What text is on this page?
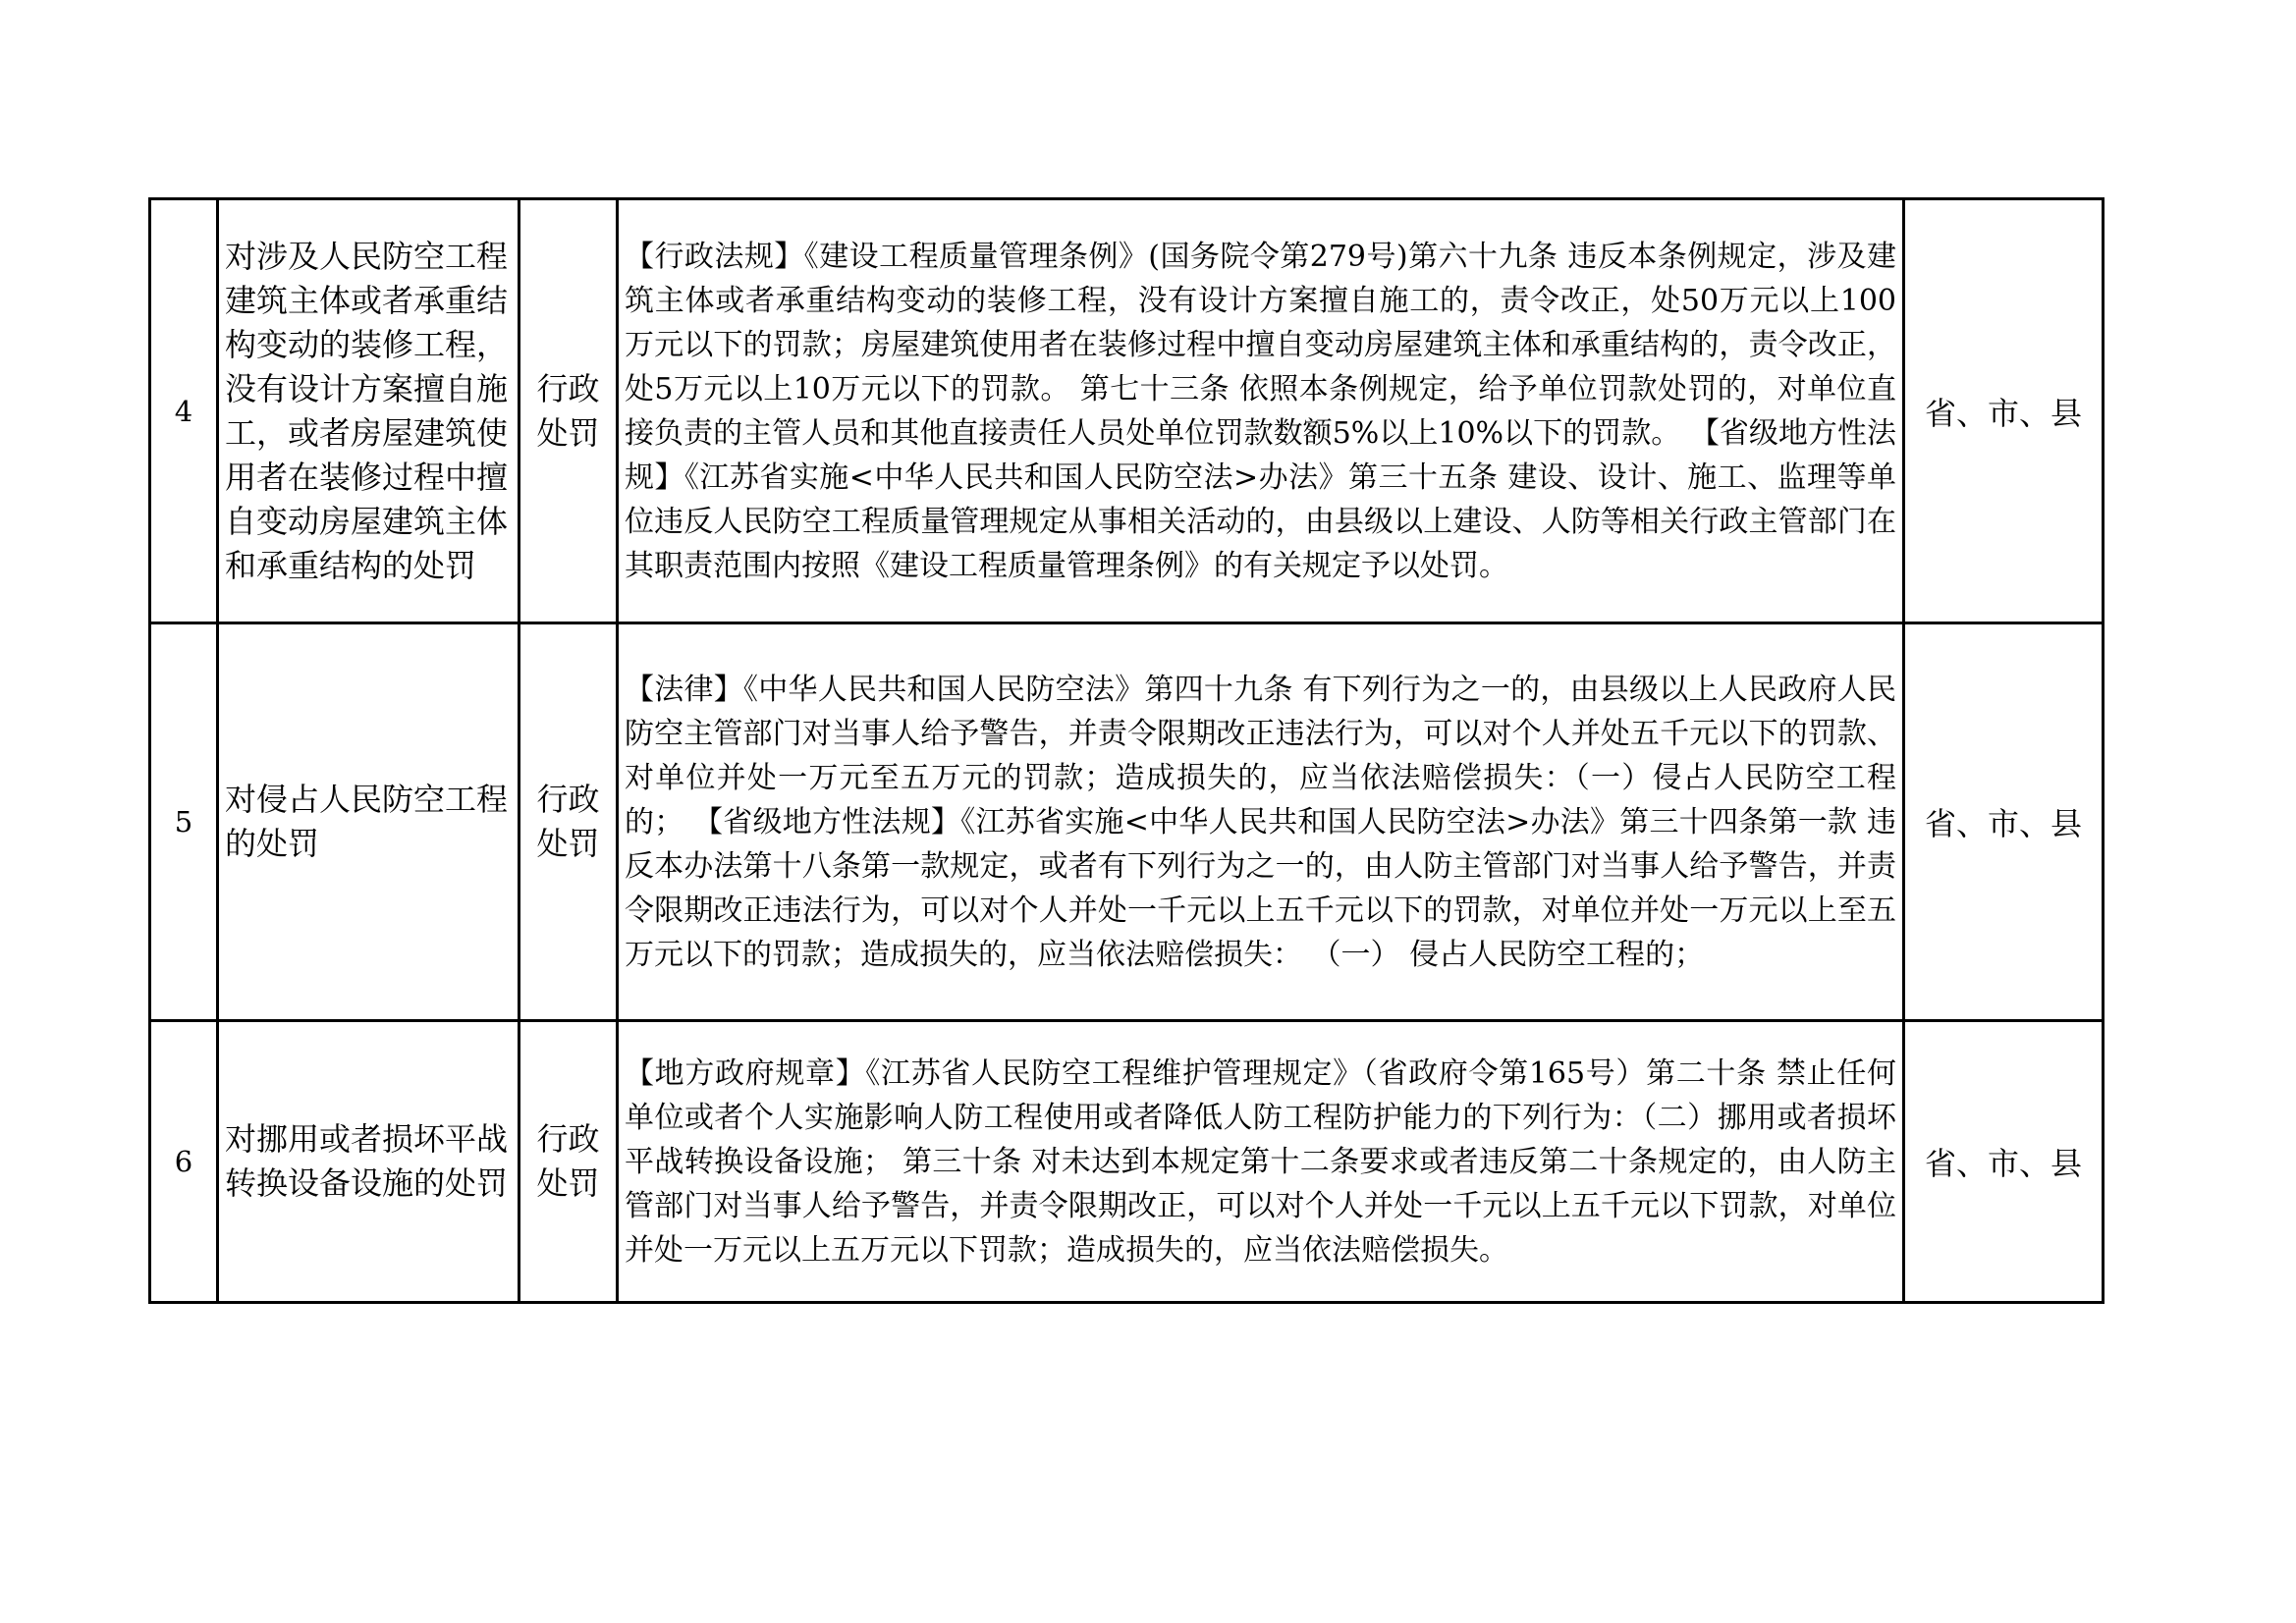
4	对涉及人民防空工程建筑主体或者承重结构变动的装修工程，没有设计方案擅自施工，或者房屋建筑使用者在装修过程中擅自变动房屋建筑主体和承重结构的处罚	行政处罚	【行政法规】《建设工程质量管理条例》(国务院令第279号)第六十九条 违反本条例规定，涉及建筑主体或者承重结构变动的装修工程，没有设计方案擅自施工的，责令改正，处50万元以上100万元以下的罚款；房屋建筑使用者在装修过程中擅自变动房屋建筑主体和承重结构的，责令改正，处5万元以上10万元以下的罚款。 第七十三条 依照本条例规定，给予单位罚款处罚的，对单位直接负责的主管人员和其他直接责任人员处单位罚款数额5%以上10%以下的罚款。 【省级地方性法规】《江苏省实施<中华人民共和国人民防空法>办法》第三十五条 建设、设计、施工、监理等单位违反人民防空工程质量管理规定从事相关活动的，由县级以上建设、人防等相关行政主管部门在其职责范围内按照《建设工程质量管理条例》的有关规定予以处罚。	省、市、县
5	对侵占人民防空工程的处罚	行政处罚	【法律】《中华人民共和国人民防空法》第四十九条 有下列行为之一的，由县级以上人民政府人民防空主管部门对当事人给予警告，并责令限期改正违法行为，可以对个人并处五千元以下的罚款、对单位并处一万元至五万元的罚款；造成损失的，应当依法赔偿损失：（一）侵占人民防空工程的； 【省级地方性法规】《江苏省实施<中华人民共和国人民防空法>办法》第三十四条第一款 违反本办法第十八条第一款规定，或者有下列行为之一的，由人防主管部门对当事人给予警告，并责令限期改正违法行为，可以对个人并处一千元以上五千元以下的罚款，对单位并处一万元以上至五万元以下的罚款；造成损失的，应当依法赔偿损失： （一） 侵占人民防空工程的；	省、市、县
6	对挪用或者损坏平战转换设备设施的处罚	行政处罚	【地方政府规章】《江苏省人民防空工程维护管理规定》（省政府令第165号）第二十条 禁止任何单位或者个人实施影响人防工程使用或者降低人防工程防护能力的下列行为：（二）挪用或者损坏平战转换设备设施； 第三十条 对未达到本规定第十二条要求或者违反第二十条规定的，由人防主管部门对当事人给予警告，并责令限期改正，可以对个人并处一千元以上五千元以下罚款，对单位并处一万元以上五万元以下罚款；造成损失的，应当依法赔偿损失。	省、市、县
